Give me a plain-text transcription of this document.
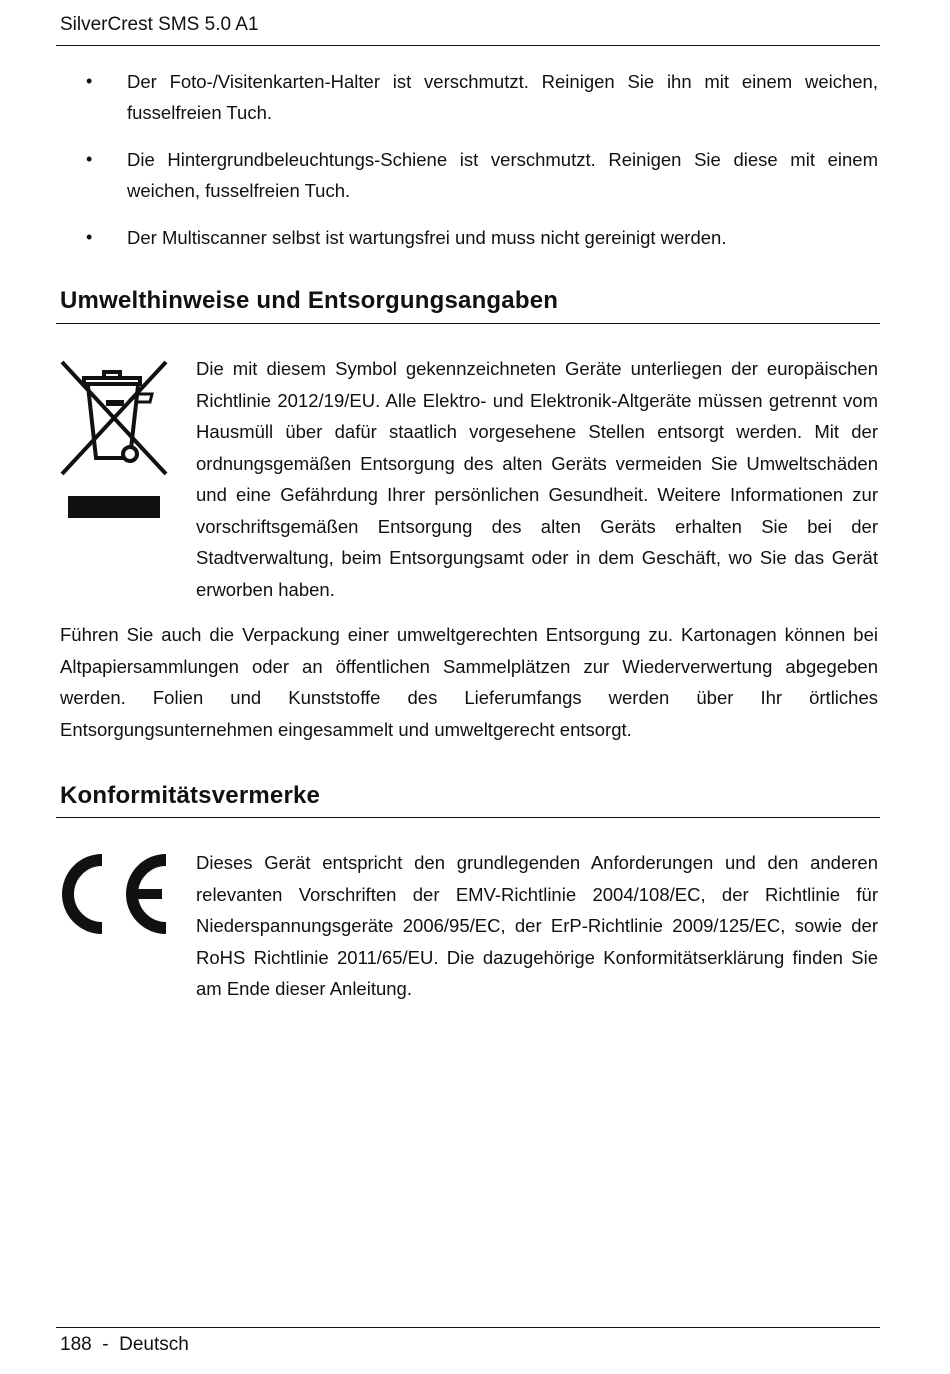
SilverCrest SMS 5.0 A1
• Der Foto-/Visitenkarten-Halter ist verschmutzt. Reinigen Sie ihn mit einem weichen, fusselfreien Tuch.
• Die Hintergrundbeleuchtungs-Schiene ist verschmutzt. Reinigen Sie diese mit einem weichen, fusselfreien Tuch.
• Der Multiscanner selbst ist wartungsfrei und muss nicht gereinigt werden.
Umwelthinweise und Entsorgungsangaben

Die mit diesem Symbol gekennzeichneten Geräte unterliegen der europäischen Richtlinie 2012/19/EU. Alle Elektro- und Elektronik-Altgeräte müssen getrennt vom Hausmüll über dafür staatlich vorgesehene Stellen entsorgt werden. Mit der ordnungsgemäßen Entsorgung des alten Geräts vermeiden Sie Umweltschäden und eine Gefährdung Ihrer persönlichen Gesundheit. Weitere Informationen zur vorschriftsgemäßen Entsorgung des alten Geräts erhalten Sie bei der Stadtverwaltung, beim Entsorgungsamt oder in dem Geschäft, wo Sie das Gerät erworben haben.

Führen Sie auch die Verpackung einer umweltgerechten Entsorgung zu. Kartonagen können bei Altpapiersammlungen oder an öffentlichen Sammelplätzen zur Wiederverwertung abgegeben werden. Folien und Kunststoffe des Lieferumfangs werden über Ihr örtliches Entsorgungsunternehmen eingesammelt und umweltgerecht entsorgt.

Konformitätsvermerke

Dieses Gerät entspricht den grundlegenden Anforderungen und den anderen relevanten Vorschriften der EMV-Richtlinie 2004/108/EC, der Richtlinie für Niederspannungsgeräte 2006/95/EC, der ErP-Richtlinie 2009/125/EC, sowie der RoHS Richtlinie 2011/65/EU. Die dazugehörige Konformitätserklärung finden Sie am Ende dieser Anleitung.

188  -  Deutsch
